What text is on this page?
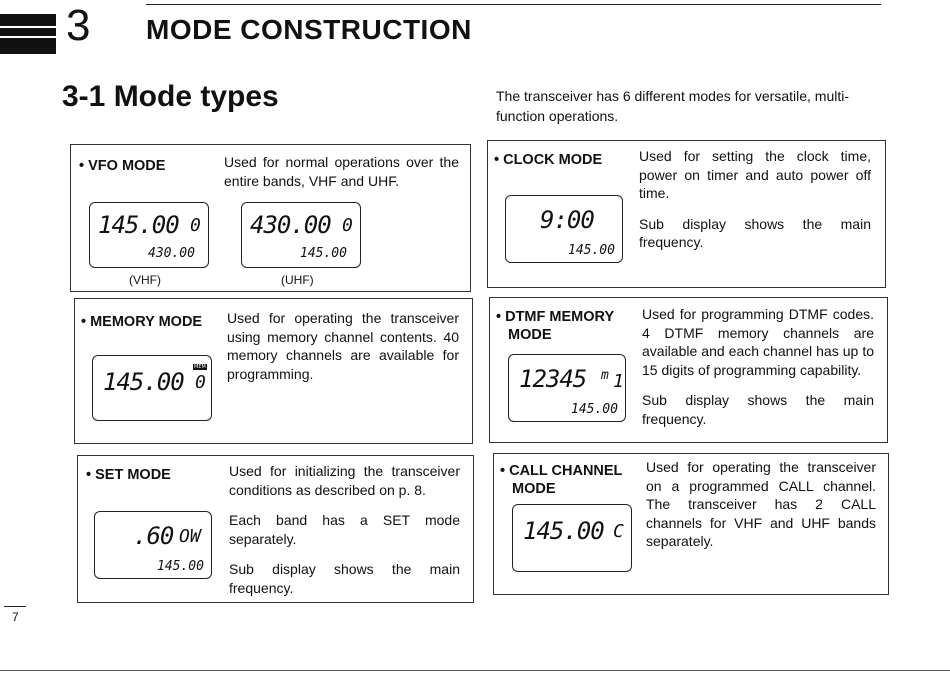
3 MODE CONSTRUCTION
3-1 Mode types	The transceiver has 6 different modes for versatile, multi-function operations.
• VFO MODE	Used for normal operations over the entire bands, VHF and UHF.

145.00 0
430.00
(VHF)
430.00 0
145.00
(UHF)
• MEMORY MODE Used for operating the transceiver using memory channel contents. 40 memory channels are available for programming.

145.00
MEM
0
• SET MODE	Used for initializing the transceiver conditions as described on p. 8.

Each band has a SET mode separately.

Sub display shows the main frequency.

.60 OW
145.00
• CLOCK MODE	Used for setting the clock time, power on timer and auto power off time.

Sub display shows the main frequency.

9:00
145.00
• DTMF MEMORY
MODE

Used for programming DTMF codes. 4 DTMF memory channels are available and each channel has up to 15 digits of programming capability.

Sub display shows the main frequency.

12345 m 1
145.00
• CALL CHANNEL
MODE

Used for operating the transceiver on a programmed CALL channel. The transceiver has 2 CALL channels for VHF and UHF bands separately.

145.00 C
7
